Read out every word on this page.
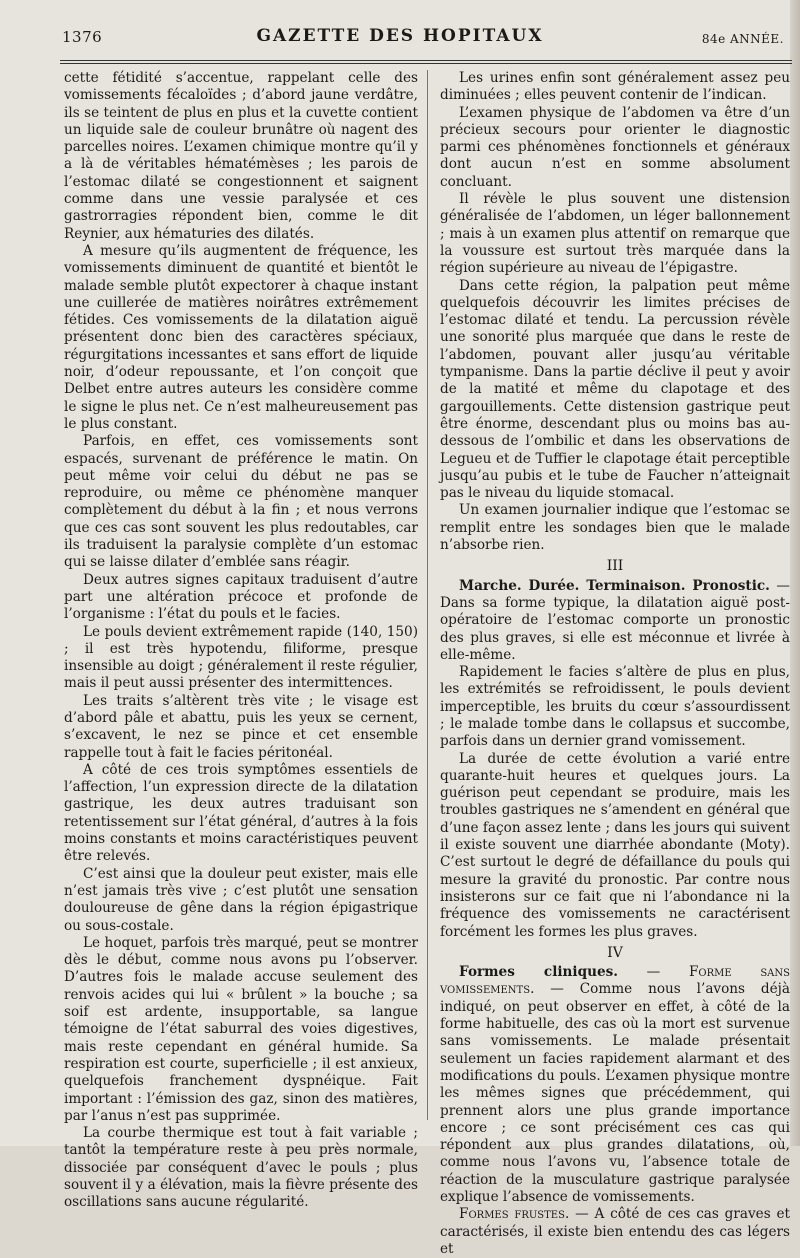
1376	GAZETTE DES HOPITAUX	84e ANNÉE.

cette fétidité s’accentue, rappelant celle des vomissements fécaloïdes ; d’abord jaune verdâtre, ils se teintent de plus en plus et la cuvette contient un liquide sale de couleur brunâtre où nagent des parcelles noires. L’examen chimique montre qu’il y a là de véritables hématémèses ; les parois de l’estomac dilaté se congestionnent et saignent comme dans une vessie paralysée et ces gastrorragies répondent bien, comme le dit Reynier, aux hématuries des dilatés.

A mesure qu’ils augmentent de fréquence, les vomissements diminuent de quantité et bientôt le malade semble plutôt expectorer à chaque instant une cuillerée de matières noirâtres extrêmement fétides. Ces vomissements de la dilatation aiguë présentent donc bien des caractères spéciaux, régurgitations incessantes et sans effort de liquide noir, d’odeur repoussante, et l’on conçoit que Delbet entre autres auteurs les considère comme le signe le plus net. Ce n’est malheureusement pas le plus constant.

Parfois, en effet, ces vomissements sont espacés, survenant de préférence le matin. On peut même voir celui du début ne pas se reproduire, ou même ce phénomène manquer complètement du début à la fin ; et nous verrons que ces cas sont souvent les plus redoutables, car ils traduisent la paralysie complète d’un estomac qui se laisse dilater d’emblée sans réagir.

Deux autres signes capitaux traduisent d’autre part une altération précoce et profonde de l’organisme : l’état du pouls et le facies.

Le pouls devient extrêmement rapide (140, 150) ; il est très hypotendu, filiforme, presque insensible au doigt ; généralement il reste régulier, mais il peut aussi présenter des intermittences.

Les traits s’altèrent très vite ; le visage est d’abord pâle et abattu, puis les yeux se cernent, s’excavent, le nez se pince et cet ensemble rappelle tout à fait le facies péritonéal.

A côté de ces trois symptômes essentiels de l’affection, l’un expression directe de la dilatation gastrique, les deux autres traduisant son retentissement sur l’état général, d’autres à la fois moins constants et moins caractéristiques peuvent être relevés.

C’est ainsi que la douleur peut exister, mais elle n’est jamais très vive ; c’est plutôt une sensation douloureuse de gêne dans la région épigastrique ou sous-costale.

Le hoquet, parfois très marqué, peut se montrer dès le début, comme nous avons pu l’observer. D’autres fois le malade accuse seulement des renvois acides qui lui « brûlent » la bouche ; sa soif est ardente, insupportable, sa langue témoigne de l’état saburral des voies digestives, mais reste cependant en général humide. Sa respiration est courte, superficielle ; il est anxieux, quelquefois franchement dyspnéique. Fait important : l’émission des gaz, sinon des matières, par l’anus n’est pas supprimée.

La courbe thermique est tout à fait variable ; tantôt la température reste à peu près normale, dissociée par conséquent d’avec le pouls ; plus souvent il y a élévation, mais la fièvre présente des oscillations sans aucune régularité.

Les urines enfin sont généralement assez peu diminuées ; elles peuvent contenir de l’indican.

L’examen physique de l’abdomen va être d’un précieux secours pour orienter le diagnostic parmi ces phénomènes fonctionnels et généraux dont aucun n’est en somme absolument concluant.

Il révèle le plus souvent une distension généralisée de l’abdomen, un léger ballonnement ; mais à un examen plus attentif on remarque que la voussure est surtout très marquée dans la région supérieure au niveau de l’épigastre.

Dans cette région, la palpation peut même quelquefois découvrir les limites précises de l’estomac dilaté et tendu. La percussion révèle une sonorité plus marquée que dans le reste de l’abdomen, pouvant aller jusqu’au véritable tympanisme. Dans la partie déclive il peut y avoir de la matité et même du clapotage et des gargouillements. Cette distension gastrique peut être énorme, descendant plus ou moins bas au-dessous de l’ombilic et dans les observations de Legueu et de Tuffier le clapotage était perceptible jusqu’au pubis et le tube de Faucher n’atteignait pas le niveau du liquide stomacal.

Un examen journalier indique que l’estomac se remplit entre les sondages bien que le malade n’absorbe rien.

III

Marche. Durée. Terminaison. Pronostic. — Dans sa forme typique, la dilatation aiguë post-opératoire de l’estomac comporte un pronostic des plus graves, si elle est méconnue et livrée à elle-même.

Rapidement le facies s’altère de plus en plus, les extrémités se refroidissent, le pouls devient imperceptible, les bruits du cœur s’assourdissent ; le malade tombe dans le collapsus et succombe, parfois dans un dernier grand vomissement.

La durée de cette évolution a varié entre quarante-huit heures et quelques jours. La guérison peut cependant se produire, mais les troubles gastriques ne s’amendent en général que d’une façon assez lente ; dans les jours qui suivent il existe souvent une diarrhée abondante (Moty). C’est surtout le degré de défaillance du pouls qui mesure la gravité du pronostic. Par contre nous insisterons sur ce fait que ni l’abondance ni la fréquence des vomissements ne caractérisent forcément les formes les plus graves.

IV

Formes cliniques. — Forme sans vomissements. — Comme nous l’avons déjà indiqué, on peut observer en effet, à côté de la forme habituelle, des cas où la mort est survenue sans vomissements. Le malade présentait seulement un facies rapidement alarmant et des modifications du pouls. L’examen physique montre les mêmes signes que précédemment, qui prennent alors une plus grande importance encore ; ce sont précisément ces cas qui répondent aux plus grandes dilatations, où, comme nous l’avons vu, l’absence totale de réaction de la musculature gastrique paralysée explique l’absence de vomissements.

Formes frustes. — A côté de ces cas graves et caractérisés, il existe bien entendu des cas légers et
